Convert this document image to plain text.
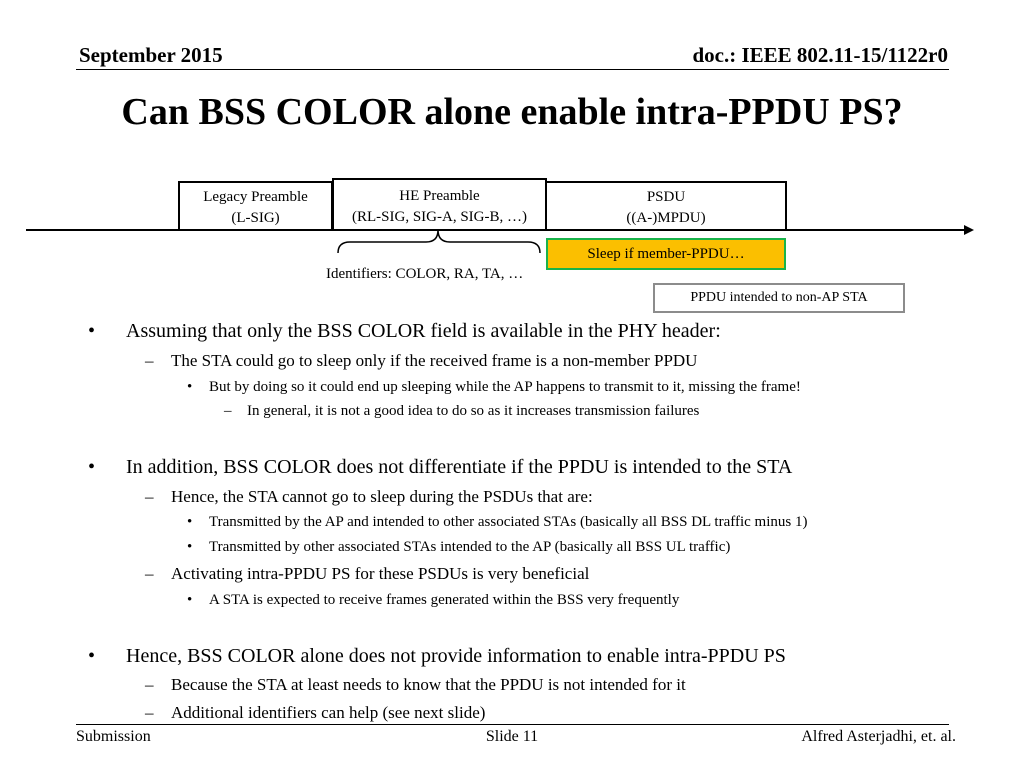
September 2015	doc.: IEEE 802.11-15/1122r0
Can BSS COLOR alone enable intra-PPDU PS?
Legacy Preamble
(L-SIG)
HE Preamble
(RL-SIG, SIG-A, SIG-B, …)
PSDU
((A-)MPDU)
Sleep if member-PPDU…
Identifiers: COLOR, RA, TA, …
PPDU intended to non-AP STA
• Assuming that only the BSS COLOR field is available in the PHY header:
– The STA could go to sleep only if the received frame is a non-member PPDU
• But by doing so it could end up sleeping while the AP happens to transmit to it, missing the frame!
– In general, it is not a good idea to do so as it increases transmission failures
• In addition, BSS COLOR does not differentiate if the PPDU is intended to the STA
– Hence, the STA cannot go to sleep during the PSDUs that are:
• Transmitted by the AP and intended to other associated STAs (basically all BSS DL traffic minus 1)
• Transmitted by other associated STAs intended to the AP (basically all BSS UL traffic)
– Activating intra-PPDU PS for these PSDUs is very beneficial
• A STA is expected to receive frames generated within the BSS very frequently
• Hence, BSS COLOR alone does not provide information to enable intra-PPDU PS
– Because the STA at least needs to know that the PPDU is not intended for it
– Additional identifiers can help (see next slide)
Submission	Slide 11	Alfred Asterjadhi, et. al.
